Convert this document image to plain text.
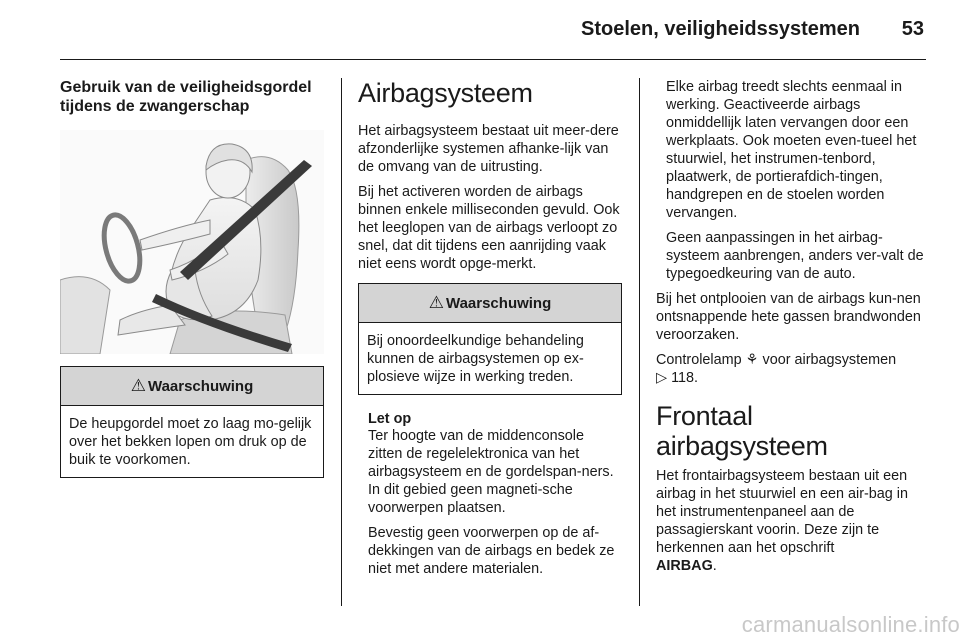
Stoelen, veiligheidssystemen	53
Gebruik van de veiligheidsgordel tijdens de zwangerschap
⚠ Waarschuwing

De heupgordel moet zo laag mo-gelijk over het bekken lopen om druk op de buik te voorkomen.

Airbagsysteem

Het airbagsysteem bestaat uit meer-dere afzonderlijke systemen afhanke-lijk van de omvang van de uitrusting.

Bij het activeren worden de airbags binnen enkele milliseconden gevuld. Ook het leeglopen van de airbags verloopt zo snel, dat dit tijdens een aanrijding vaak niet eens wordt opge-merkt.

⚠ Waarschuwing

Bij onoordeelkundige behandeling kunnen de airbagsystemen op ex-plosieve wijze in werking treden.

Let op

Ter hoogte van de middenconsole zitten de regelelektronica van het airbagsysteem en de gordelspan-ners. In dit gebied geen magneti-sche voorwerpen plaatsen.

Bevestig geen voorwerpen op de af-dekkingen van de airbags en bedek ze niet met andere materialen.

Elke airbag treedt slechts eenmaal in werking. Geactiveerde airbags onmiddellijk laten vervangen door een werkplaats. Ook moeten even-tueel het stuurwiel, het instrumen-tenbord, plaatwerk, de portierafdich-tingen, handgrepen en de stoelen worden vervangen.

Geen aanpassingen in het airbag-systeem aanbrengen, anders ver-valt de typegoedkeuring van de auto.

Bij het ontplooien van de airbags kun-nen ontsnappende hete gassen brandwonden veroorzaken.

Controlelamp ⚘ voor airbagsystemen
▷ 118.

Frontaal airbagsysteem

Het frontairbagsysteem bestaan uit een airbag in het stuurwiel en een air-bag in het instrumentenpaneel aan de passagierskant voorin. Deze zijn te herkennen aan het opschrift
AIRBAG.

carmanualsonline.info
